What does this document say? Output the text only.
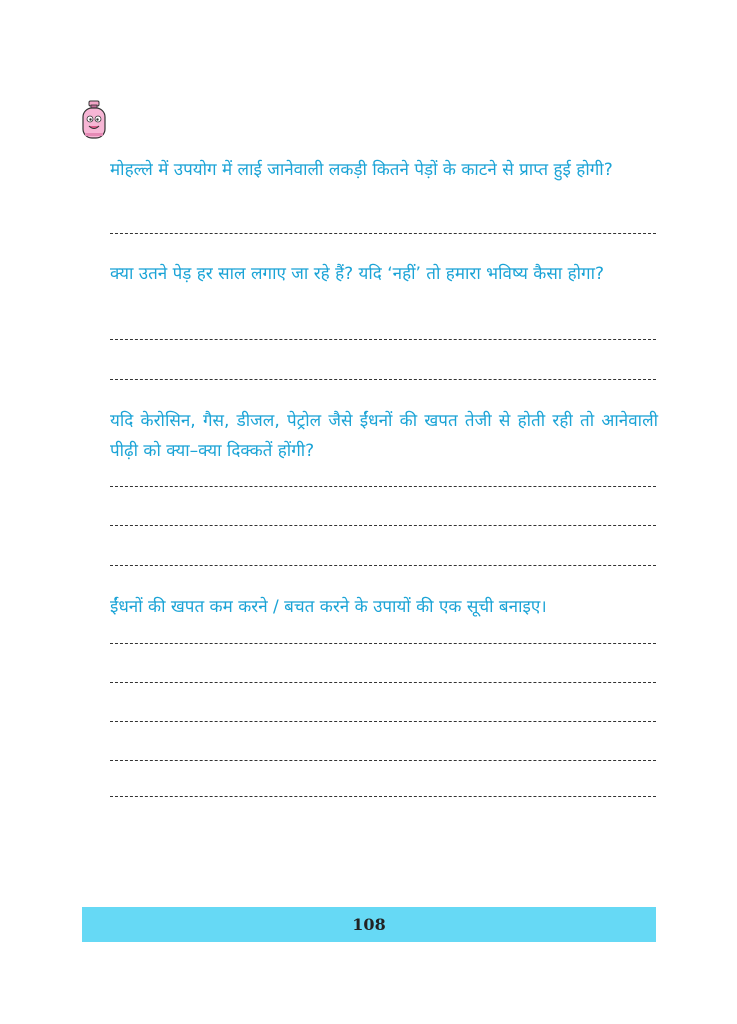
मोहल्ले में उपयोग में लाई जानेवाली लकड़ी कितने पेड़ों के काटने से प्राप्त हुई होगी?

क्या उतने पेड़ हर साल लगाए जा रहे हैं? यदि ‘नहीं’ तो हमारा भविष्य कैसा होगा?

यदि केरोसिन, गैस, डीजल, पेट्रोल जैसे ईंधनों की खपत तेजी से होती रही तो आनेवाली पीढ़ी को क्या–क्या दिक्कतें होंगी?

ईंधनों की खपत कम करने / बचत करने के उपायों की एक सूची बनाइए।

108
